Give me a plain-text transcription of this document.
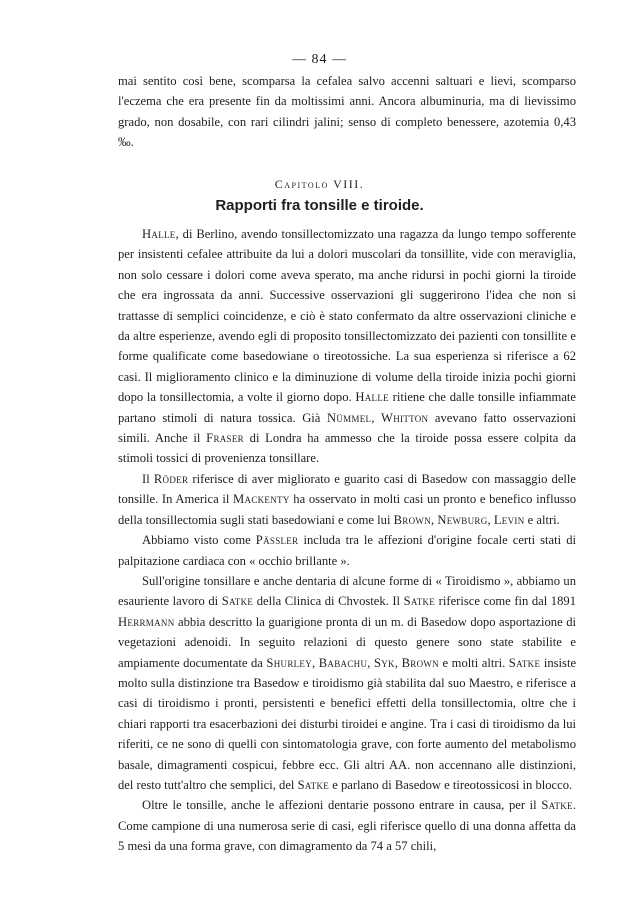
— 84 —

mai sentito così bene, scomparsa la cefalea salvo accenni saltuari e lievi, scomparso l'eczema che era presente fin da moltissimi anni. Ancora albuminuria, ma di lievissimo grado, non dosabile, con rari cilindri jalini; senso di completo benessere, azotemia 0,43 ‰.

Capitolo VIII.
Rapporti fra tonsille e tiroide.

Halle, di Berlino, avendo tonsillectomizzato una ragazza da lungo tempo sofferente per insistenti cefalee attribuite da lui a dolori muscolari da tonsillite, vide con meraviglia, non solo cessare i dolori come aveva sperato, ma anche ridursi in pochi giorni la tiroide che era ingrossata da anni. Successive osservazioni gli suggerirono l'idea che non si trattasse di semplici coincidenze, e ciò è stato confermato da altre osservazioni cliniche e da altre esperienze, avendo egli di proposito tonsillectomizzato dei pazienti con tonsillite e forme qualificate come basedowiane o tireotossiche. La sua esperienza si riferisce a 62 casi. Il miglioramento clinico e la diminuzione di volume della tiroide inizia pochi giorni dopo la tonsillectomia, a volte il giorno dopo. Halle ritiene che dalle tonsille infiammate partano stimoli di natura tossica. Già Nümmel, Whitton avevano fatto osservazioni simili. Anche il Fraser di Londra ha ammesso che la tiroide possa essere colpita da stimoli tossici di provenienza tonsillare.

Il Röder riferisce di aver migliorato e guarito casi di Basedow con massaggio delle tonsille. In America il Mackenty ha osservato in molti casi un pronto e benefico influsso della tonsillectomia sugli stati basedowiani e come lui Brown, Newburg, Levin e altri.

Abbiamo visto come Pässler includa tra le affezioni d'origine focale certi stati di palpitazione cardiaca con « occhio brillante ».

Sull'origine tonsillare e anche dentaria di alcune forme di « Tiroidismo », abbiamo un esauriente lavoro di Satke della Clinica di Chvostek. Il Satke riferisce come fin dal 1891 Herrmann abbia descritto la guarigione pronta di un m. di Basedow dopo asportazione di vegetazioni adenoidi. In seguito relazioni di questo genere sono state stabilite e ampiamente documentate da Shurley, Babachu, Syk, Brown e molti altri. Satke insiste molto sulla distinzione tra Basedow e tiroidismo già stabilita dal suo Maestro, e riferisce a casi di tiroidismo i pronti, persistenti e benefici effetti della tonsillectomia, oltre che i chiari rapporti tra esacerbazioni dei disturbi tiroidei e angine. Tra i casi di tiroidismo da lui riferiti, ce ne sono di quelli con sintomatologia grave, con forte aumento del metabolismo basale, dimagramenti cospicui, febbre ecc. Gli altri AA. non accennano alle distinzioni, del resto tutt'altro che semplici, del Satke e parlano di Basedow e tireotossicosi in blocco.

Oltre le tonsille, anche le affezioni dentarie possono entrare in causa, per il Satke. Come campione di una numerosa serie di casi, egli riferisce quello di una donna affetta da 5 mesi da una forma grave, con dimagramento da 74 a 57 chili,
